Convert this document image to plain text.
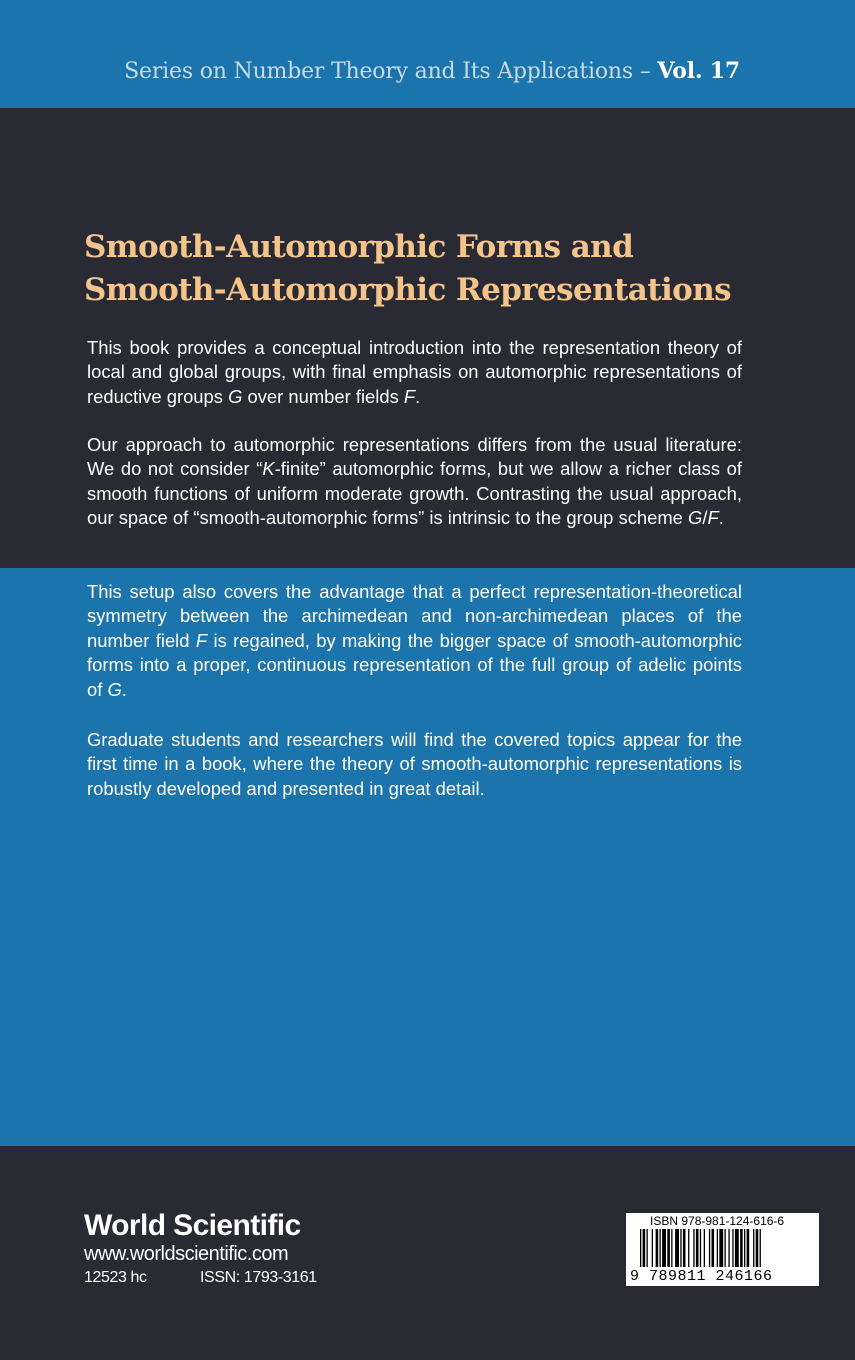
Series on Number Theory and Its Applications – Vol. 17
Smooth-Automorphic Forms and Smooth-Automorphic Representations

This book provides a conceptual introduction into the representation theory of local and global groups, with final emphasis on automorphic representations of reductive groups G over number fields F.

Our approach to automorphic representations differs from the usual literature: We do not consider “K-finite” automorphic forms, but we allow a richer class of smooth functions of uniform moderate growth. Contrasting the usual approach, our space of “smooth-automorphic forms” is intrinsic to the group scheme G/F.

This setup also covers the advantage that a perfect representation-theoretical symmetry between the archimedean and non-archimedean places of the number field F is regained, by making the bigger space of smooth-automorphic forms into a proper, continuous representation of the full group of adelic points of G.

Graduate students and researchers will find the covered topics appear for the first time in a book, where the theory of smooth-automorphic representations is robustly developed and presented in great detail.

World Scientific
www.worldscientific.com
12523 hc	ISSN: 1793-3161
ISBN 978-981-124-616-6
9 789811 246166
